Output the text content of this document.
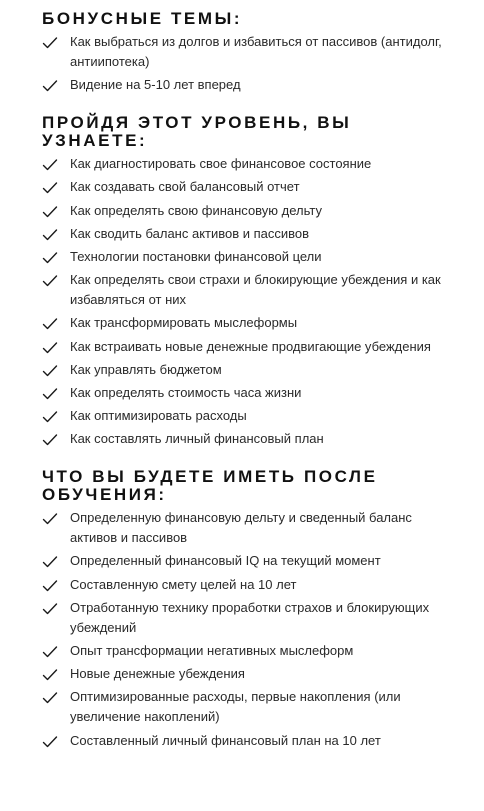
БОНУСНЫЕ ТЕМЫ:
Как выбраться из долгов и избавиться от пассивов (антидолг, антиипотека)
Видение на 5-10 лет вперед
ПРОЙДЯ ЭТОТ УРОВЕНЬ, ВЫ УЗНАЕТЕ:
Как диагностировать свое финансовое состояние
Как создавать свой балансовый отчет
Как определять свою финансовую дельту
Как сводить баланс активов и пассивов
Технологии постановки финансовой цели
Как определять свои страхи и блокирующие убеждения и как избавляться от них
Как трансформировать мыслеформы
Как встраивать новые денежные продвигающие убеждения
Как управлять бюджетом
Как определять стоимость часа жизни
Как оптимизировать расходы
Как составлять личный финансовый план
ЧТО ВЫ БУДЕТЕ ИМЕТЬ ПОСЛЕ ОБУЧЕНИЯ:
Определенную финансовую дельту и сведенный баланс активов и пассивов
Определенный финансовый IQ на текущий момент
Составленную смету целей на 10 лет
Отработанную технику проработки страхов и блокирующих убеждений
Опыт трансформации негативных мыслеформ
Новые денежные убеждения
Оптимизированные расходы, первые накопления (или увеличение накоплений)
Составленный личный финансовый план на 10 лет
